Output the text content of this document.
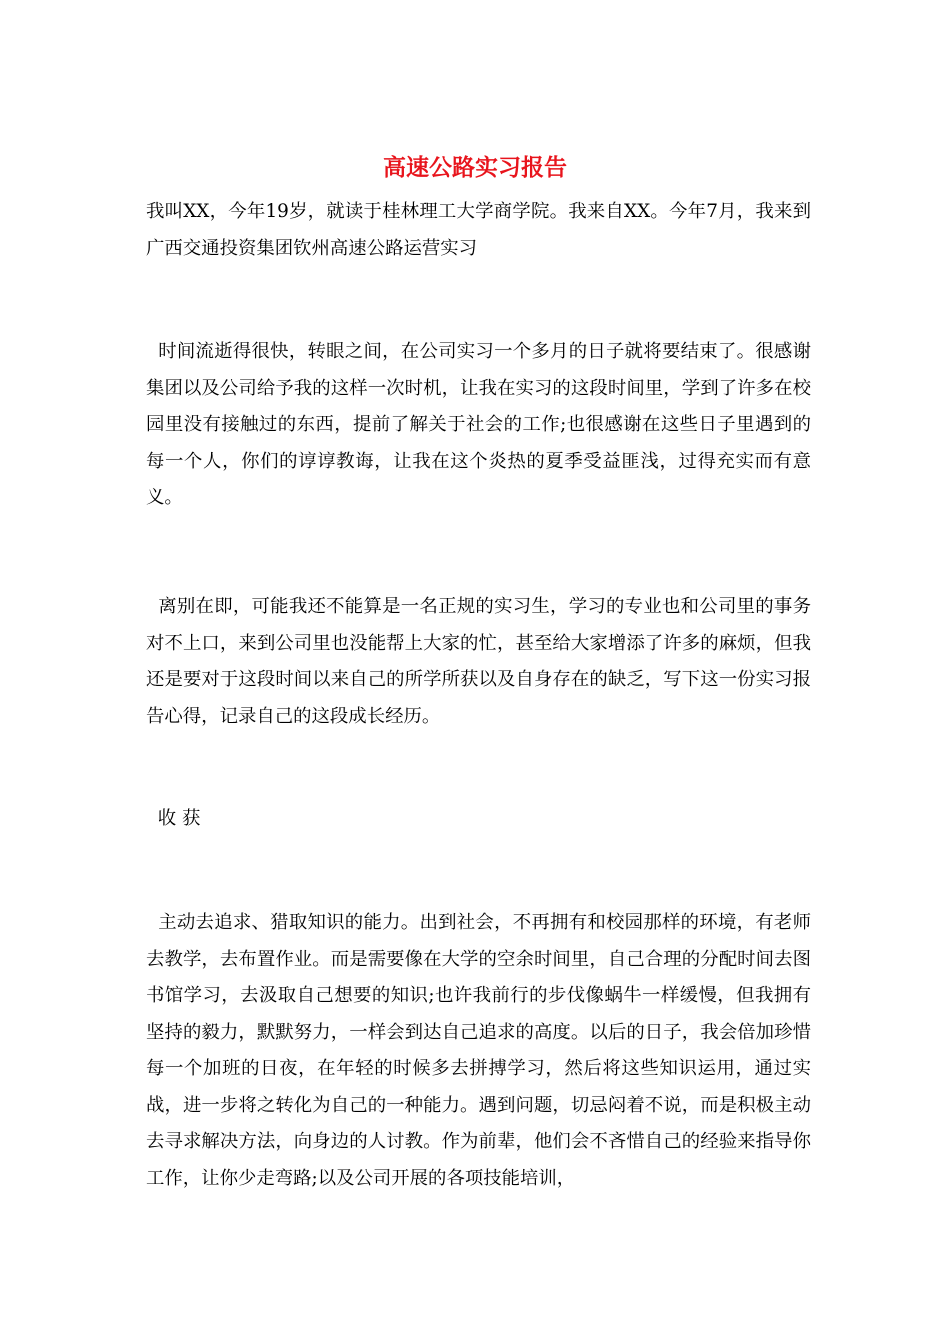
高速公路实习报告

我叫XX，今年19岁，就读于桂林理工大学商学院。我来自XX。今年7月，我来到广西交通投资集团钦州高速公路运营实习

时间流逝得很快，转眼之间，在公司实习一个多月的日子就将要结束了。很感谢集团以及公司给予我的这样一次时机，让我在实习的这段时间里，学到了许多在校园里没有接触过的东西，提前了解关于社会的工作;也很感谢在这些日子里遇到的每一个人，你们的谆谆教诲，让我在这个炎热的夏季受益匪浅，过得充实而有意义。

离别在即，可能我还不能算是一名正规的实习生，学习的专业也和公司里的事务对不上口，来到公司里也没能帮上大家的忙，甚至给大家增添了许多的麻烦，但我还是要对于这段时间以来自己的所学所获以及自身存在的缺乏，写下这一份实习报告心得，记录自己的这段成长经历。

收 获

主动去追求、猎取知识的能力。出到社会，不再拥有和校园那样的环境，有老师去教学，去布置作业。而是需要像在大学的空余时间里，自己合理的分配时间去图书馆学习，去汲取自己想要的知识;也许我前行的步伐像蜗牛一样缓慢，但我拥有坚持的毅力，默默努力，一样会到达自己追求的高度。以后的日子，我会倍加珍惜每一个加班的日夜，在年轻的时候多去拼搏学习，然后将这些知识运用，通过实战，进一步将之转化为自己的一种能力。遇到问题，切忌闷着不说，而是积极主动去寻求解决方法，向身边的人讨教。作为前辈，他们会不吝惜自己的经验来指导你工作，让你少走弯路;以及公司开展的各项技能培训，
